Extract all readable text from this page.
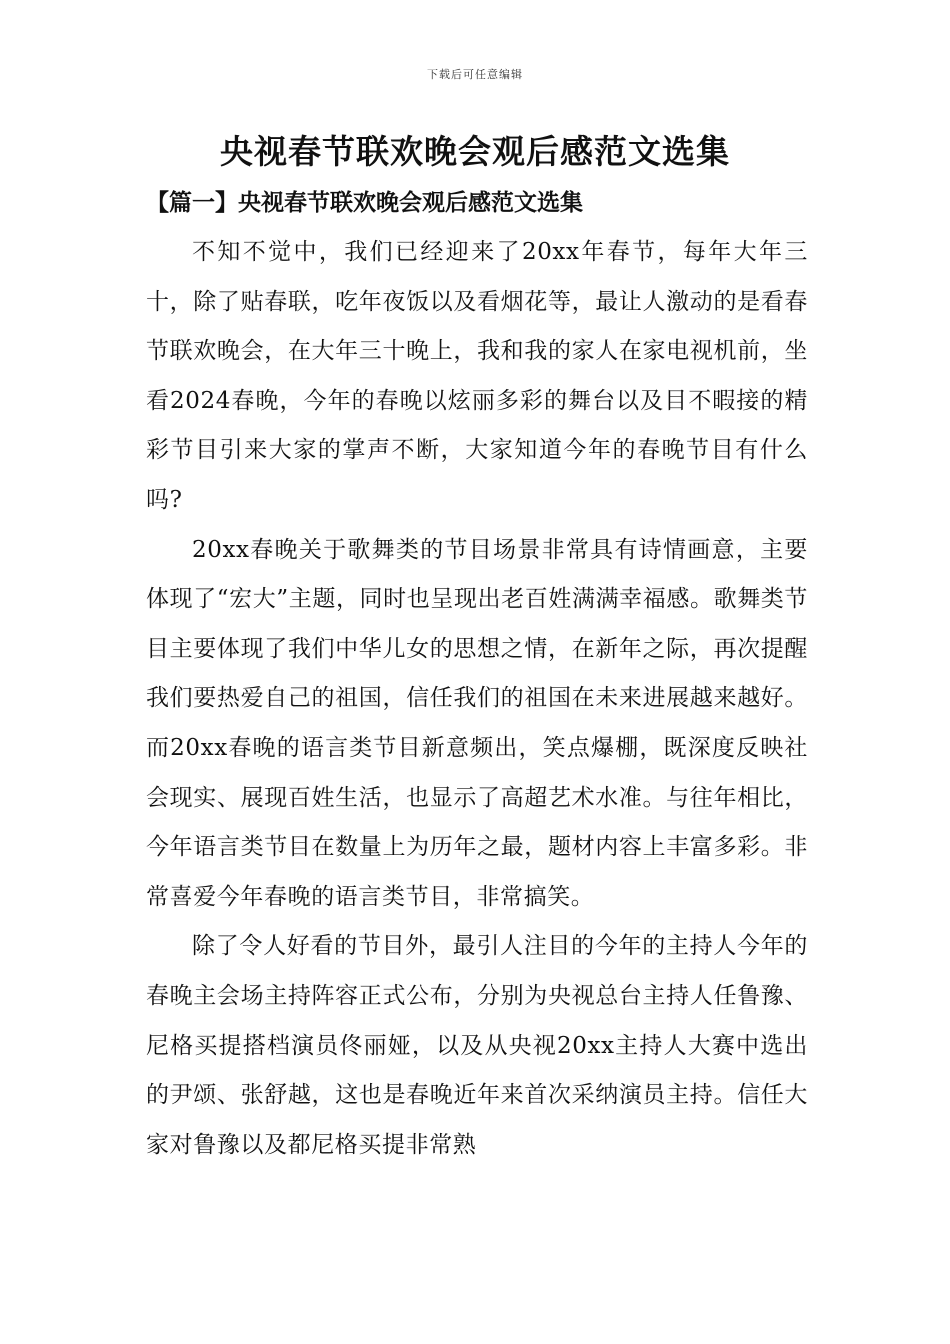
下载后可任意编辑
央视春节联欢晚会观后感范文选集
【篇一】央视春节联欢晚会观后感范文选集

不知不觉中，我们已经迎来了20xx年春节，每年大年三十，除了贴春联，吃年夜饭以及看烟花等，最让人激动的是看春节联欢晚会，在大年三十晚上，我和我的家人在家电视机前，坐看2024春晚，今年的春晚以炫丽多彩的舞台以及目不暇接的精彩节目引来大家的掌声不断，大家知道今年的春晚节目有什么吗?

20xx春晚关于歌舞类的节目场景非常具有诗情画意，主要体现了“宏大”主题，同时也呈现出老百姓满满幸福感。歌舞类节目主要体现了我们中华儿女的思想之情，在新年之际，再次提醒我们要热爱自己的祖国，信任我们的祖国在未来进展越来越好。而20xx春晚的语言类节目新意频出，笑点爆棚，既深度反映社会现实、展现百姓生活，也显示了高超艺术水准。与往年相比，今年语言类节目在数量上为历年之最，题材内容上丰富多彩。非常喜爱今年春晚的语言类节目，非常搞笑。

除了令人好看的节目外，最引人注目的今年的主持人今年的春晚主会场主持阵容正式公布，分别为央视总台主持人任鲁豫、尼格买提搭档演员佟丽娅，以及从央视20xx主持人大赛中选出的尹颂、张舒越，这也是春晚近年来首次采纳演员主持。信任大家对鲁豫以及都尼格买提非常熟
